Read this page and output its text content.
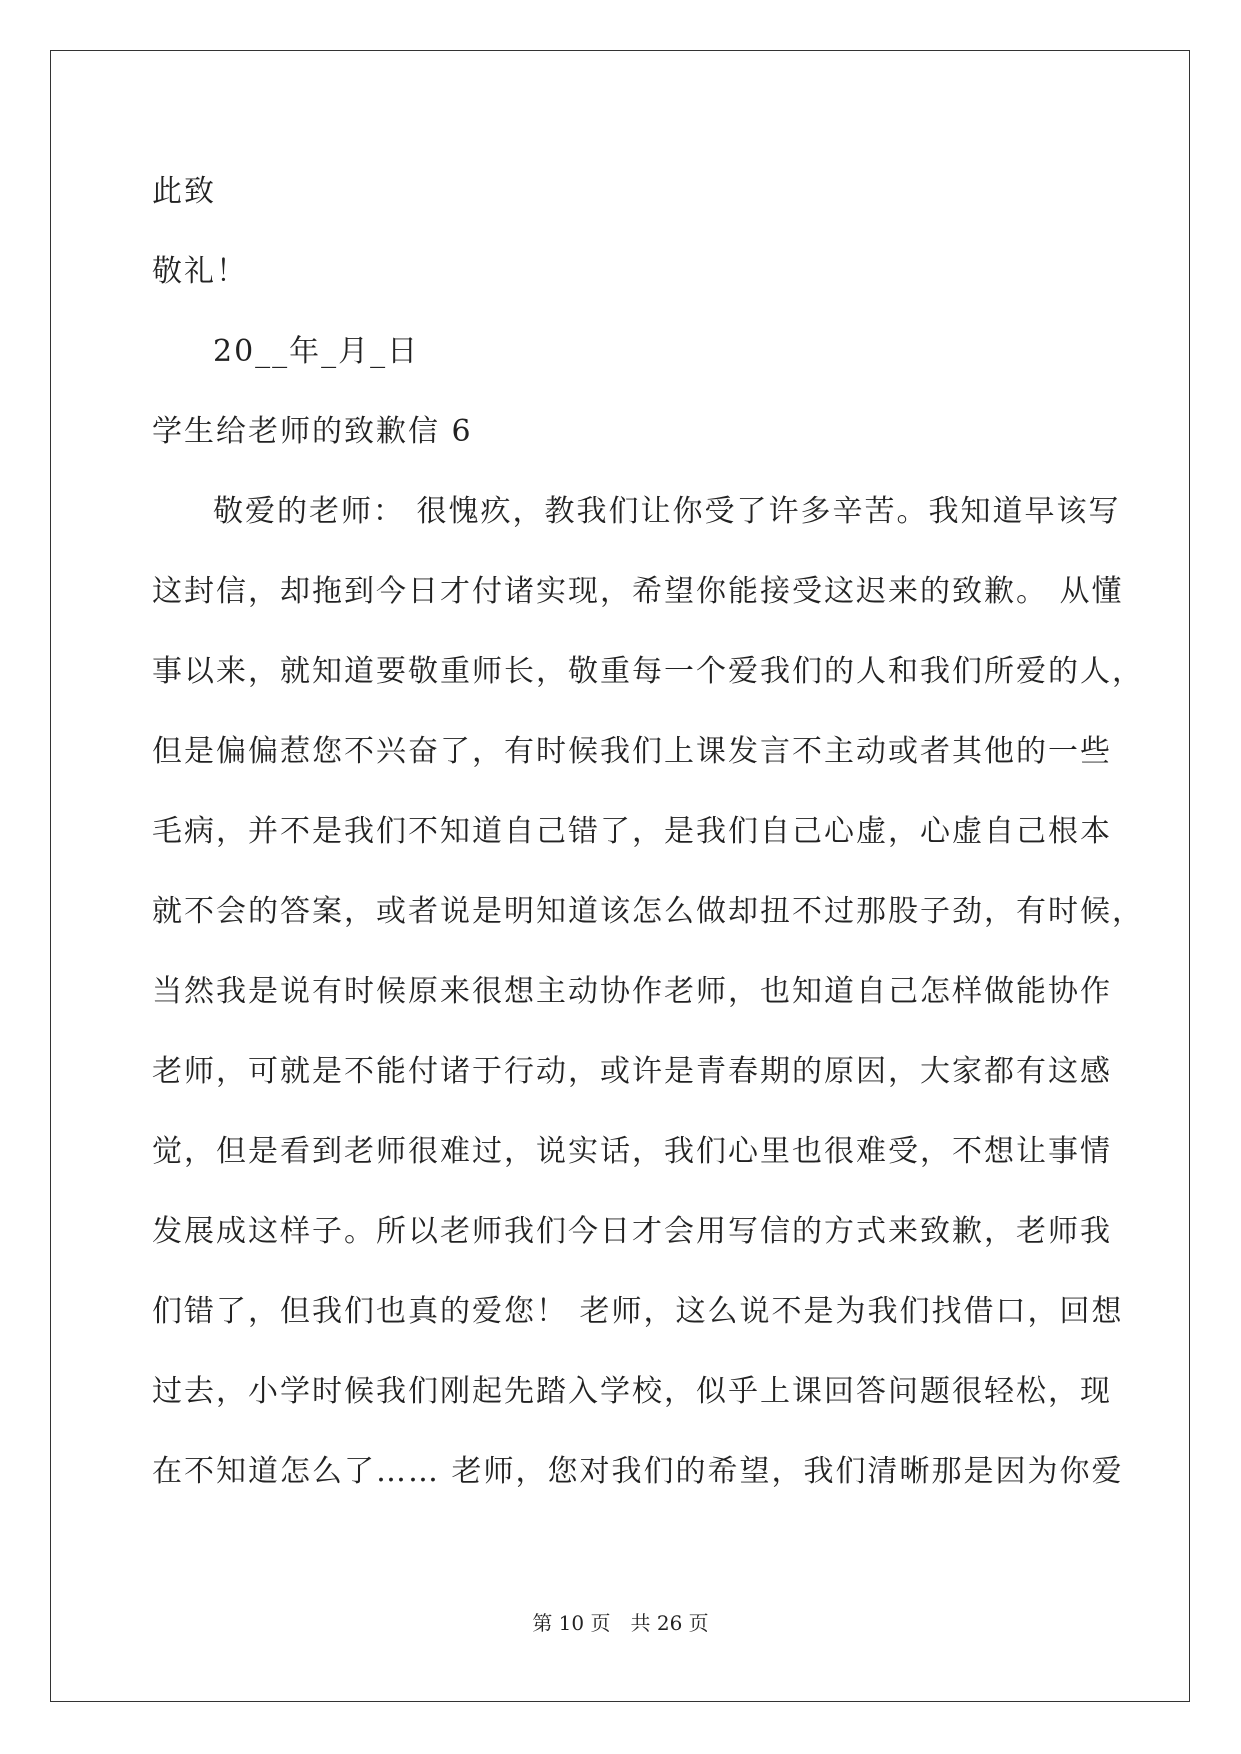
此致
敬礼！
20__年_月_日
学生给老师的致歉信 6
敬爱的老师： 很愧疚，教我们让你受了许多辛苦。我知道早该写
这封信，却拖到今日才付诸实现，希望你能接受这迟来的致歉。 从懂
事以来，就知道要敬重师长，敬重每一个爱我们的人和我们所爱的人，
但是偏偏惹您不兴奋了，有时候我们上课发言不主动或者其他的一些
毛病，并不是我们不知道自己错了，是我们自己心虚，心虚自己根本
就不会的答案，或者说是明知道该怎么做却扭不过那股子劲，有时候，
当然我是说有时候原来很想主动协作老师，也知道自己怎样做能协作
老师，可就是不能付诸于行动，或许是青春期的原因，大家都有这感
觉，但是看到老师很难过，说实话，我们心里也很难受，不想让事情
发展成这样子。所以老师我们今日才会用写信的方式来致歉，老师我
们错了，但我们也真的爱您！ 老师，这么说不是为我们找借口，回想
过去，小学时候我们刚起先踏入学校，似乎上课回答问题很轻松，现
在不知道怎么了…… 老师，您对我们的希望，我们清晰那是因为你爱
第 10 页　共 26 页
